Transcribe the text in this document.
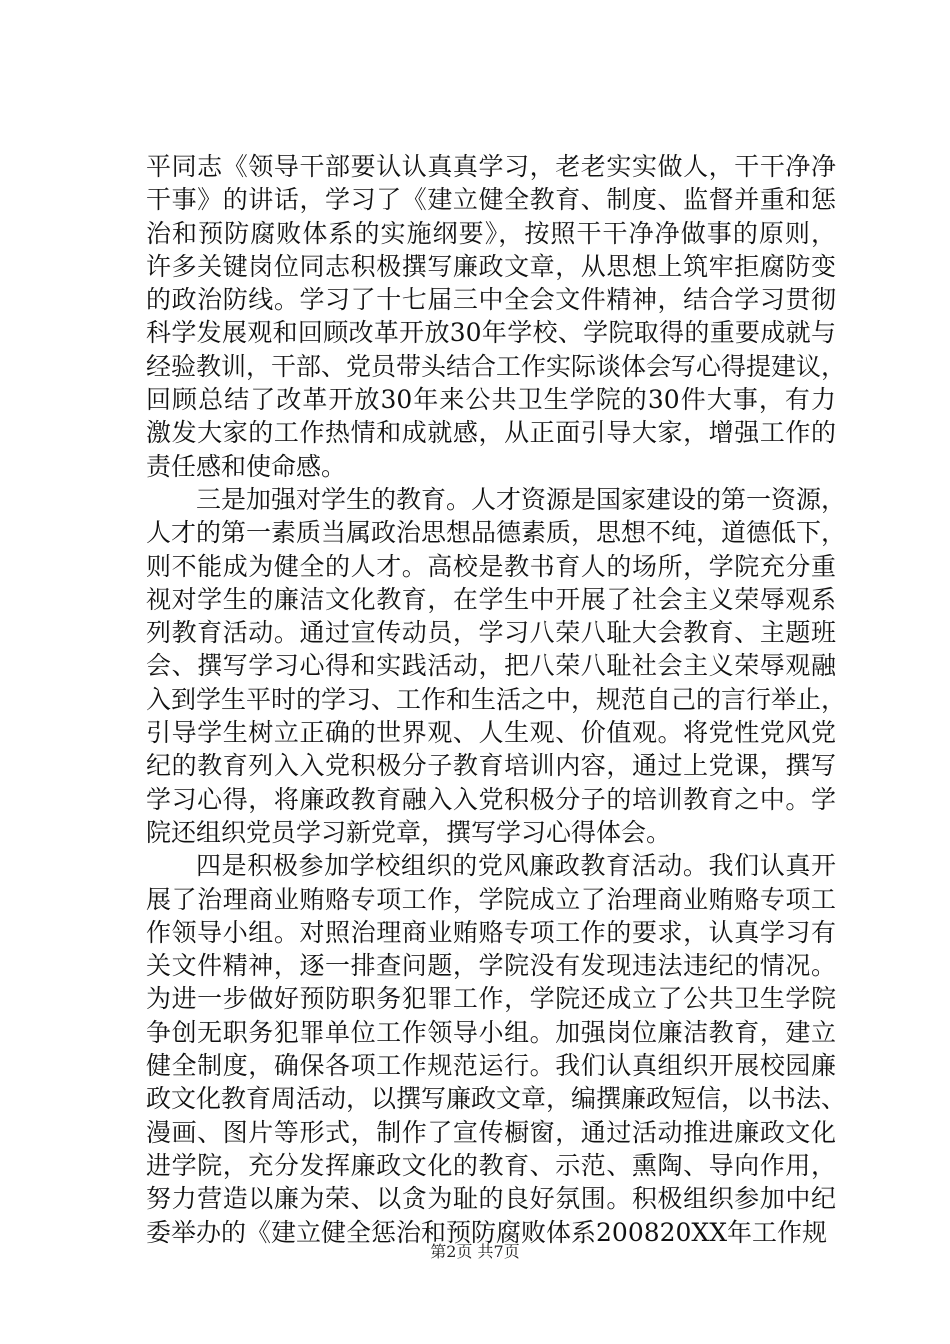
平同志《领导干部要认认真真学习，老老实实做人，干干净净
干事》的讲话，学习了《建立健全教育、制度、监督并重和惩
治和预防腐败体系的实施纲要》，按照干干净净做事的原则，
许多关键岗位同志积极撰写廉政文章，从思想上筑牢拒腐防变
的政治防线。学习了十七届三中全会文件精神，结合学习贯彻
科学发展观和回顾改革开放30年学校、学院取得的重要成就与
经验教训，干部、党员带头结合工作实际谈体会写心得提建议，
回顾总结了改革开放30年来公共卫生学院的30件大事，有力
激发大家的工作热情和成就感，从正面引导大家，增强工作的
责任感和使命感。
三是加强对学生的教育。人才资源是国家建设的第一资源，
人才的第一素质当属政治思想品德素质，思想不纯，道德低下，
则不能成为健全的人才。高校是教书育人的场所，学院充分重
视对学生的廉洁文化教育，在学生中开展了社会主义荣辱观系
列教育活动。通过宣传动员，学习八荣八耻大会教育、主题班
会、撰写学习心得和实践活动，把八荣八耻社会主义荣辱观融
入到学生平时的学习、工作和生活之中，规范自己的言行举止，
引导学生树立正确的世界观、人生观、价值观。将党性党风党
纪的教育列入入党积极分子教育培训内容，通过上党课，撰写
学习心得，将廉政教育融入入党积极分子的培训教育之中。学
院还组织党员学习新党章，撰写学习心得体会。
四是积极参加学校组织的党风廉政教育活动。我们认真开
展了治理商业贿赂专项工作，学院成立了治理商业贿赂专项工
作领导小组。对照治理商业贿赂专项工作的要求，认真学习有
关文件精神，逐一排查问题，学院没有发现违法违纪的情况。
为进一步做好预防职务犯罪工作，学院还成立了公共卫生学院
争创无职务犯罪单位工作领导小组。加强岗位廉洁教育，建立
健全制度，确保各项工作规范运行。我们认真组织开展校园廉
政文化教育周活动，以撰写廉政文章，编撰廉政短信，以书法、
漫画、图片等形式，制作了宣传橱窗，通过活动推进廉政文化
进学院，充分发挥廉政文化的教育、示范、熏陶、导向作用，
努力营造以廉为荣、以贪为耻的良好氛围。积极组织参加中纪
委举办的《建立健全惩治和预防腐败体系200820XX年工作规
第2页 共7页
